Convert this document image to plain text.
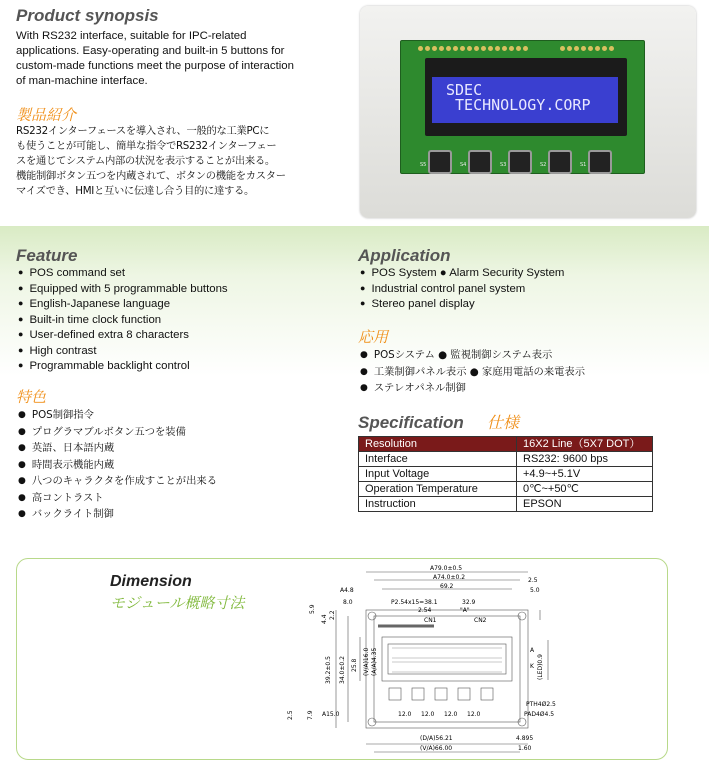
Product synopsis
With RS232 interface, suitable for IPC-related
applications. Easy-operating and built-in 5 buttons for
custom-made functions meet the purpose of interaction
of man-machine interface.
製品紹介
RS232インターフェースを導入され、一般的な工業PCに
も使うことが可能し、簡単な指令でRS232インターフェー
スを通じてシステム内部の状況を表示することが出来る。
機能制御ボタン五つを内蔵されて、ボタンの機能をカスター
マイズでき、HMIと互いに伝達し合う目的に達する。
SDEC
TECHNOLOGY.CORP
S5	S4	S3	S2	S1
Feature
● POS command set
● Equipped with 5 programmable buttons
● English-Japanese language
● Built-in time clock function
● User-defined extra 8 characters
● High contrast
● Programmable backlight control
特色
● POS制御指令
● プログラマブルボタン五つを装備
● 英語、日本語内蔵
● 時間表示機能内蔵
● 八つのキャラクタを作成すことが出来る
● 高コントラスト
● バックライト制御
Application
● POS System ● Alarm Security System
● Industrial control panel system
● Stereo panel display
応用
● POSシステム ● 監視制御システム表示
● 工業制御パネル表示 ● 家庭用電話の来電表示
● ステレオパネル制御
Specification 仕様
Resolution	16X2 Line（5X7 DOT）
Interface	RS232: 9600 bps
Input Voltage	+4.9~+5.1V
Operation Temperature	0℃~+50℃
Instruction	EPSON
Dimension
モジュール概略寸法
A79.0±0.5
A74.0±0.2
69.2
A4.8
8.0	P2.54x15=38.1	32.9
2.5
5.0
2.54	"A"
CN1	CN2
39.2±0.5 34.0±0.2 25.8 (V/A)16.0 (A/A)4.35
5.9
4.4 2.2
2.5 7.9 A15.0	12.0 12.0 12.0 12.0
PTH4Ø2.5
PAD4Ø4.5
(D/A)56.21
(V/A)66.00
4.895
1.60
A
K (LED)0.9
